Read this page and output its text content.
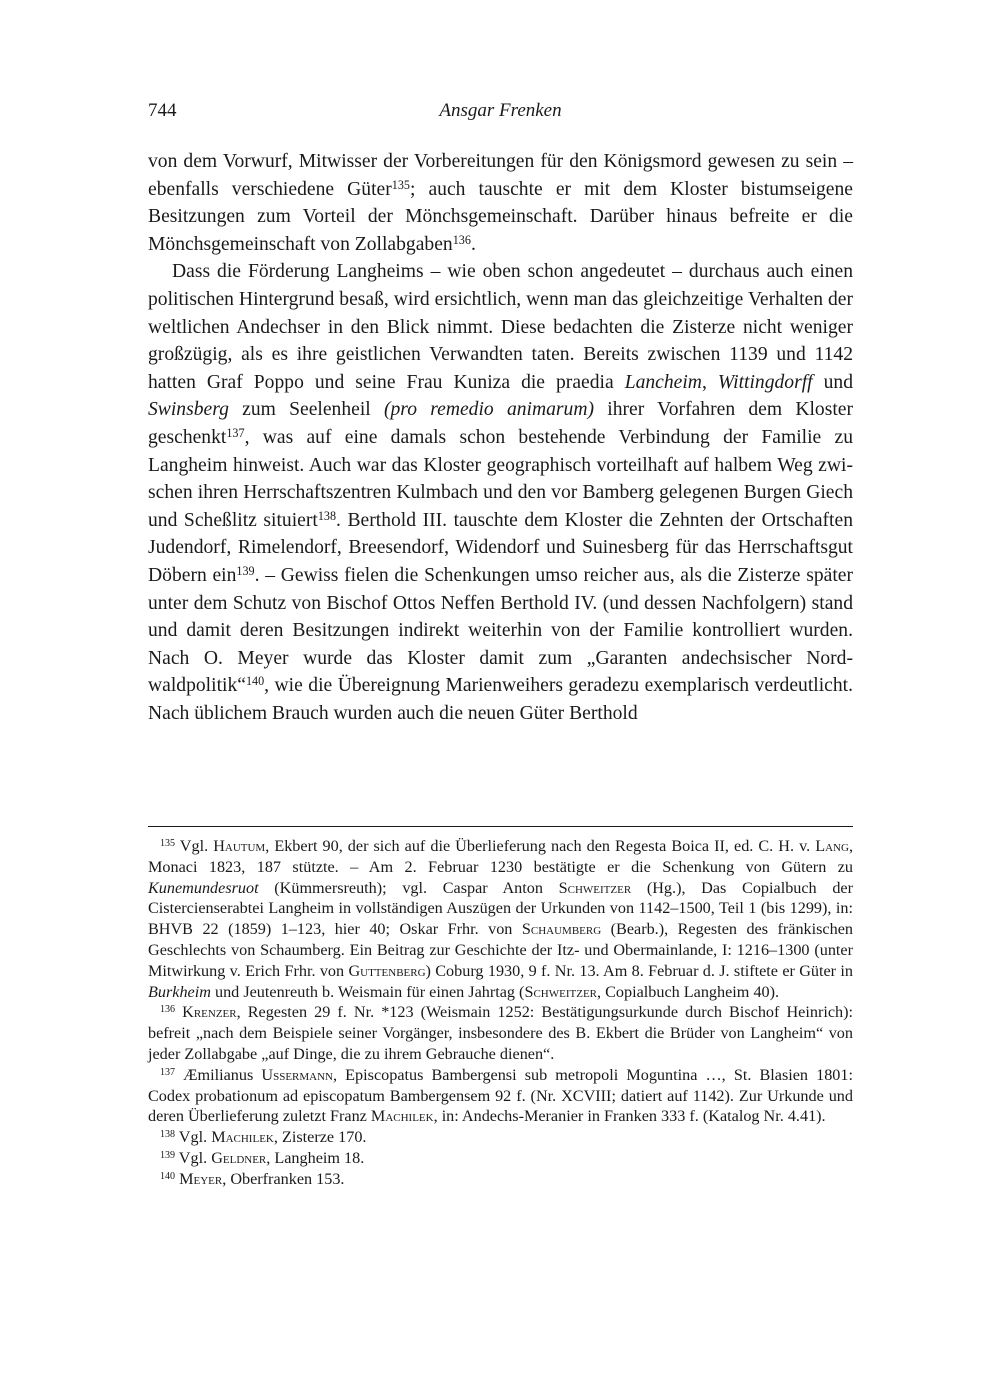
744	Ansgar Frenken

von dem Vorwurf, Mitwisser der Vorbereitungen für den Königsmord gewesen zu sein – ebenfalls verschiedene Güter$^{135}$; auch tauschte er mit dem Kloster bistumseigene Besitzungen zum Vorteil der Mönchsgemeinschaft. Darüber hinaus befreite er die Mönchsgemeinschaft von Zollabgaben$^{136}$.

Dass die Förderung Langheims – wie oben schon angedeutet – durchaus auch einen politischen Hintergrund besaß, wird ersichtlich, wenn man das gleichzeitige Verhalten der weltlichen Andechser in den Blick nimmt. Diese bedachten die Zisterze nicht weniger großzügig, als es ihre geistlichen Verwandten taten. Bereits zwischen 1139 und 1142 hatten Graf Poppo und seine Frau Kuniza die praedia Lancheim, Wittingdorff und Swinsberg zum Seelenheil (pro remedio animarum) ihrer Vorfahren dem Kloster geschenkt$^{137}$, was auf eine damals schon bestehende Verbindung der Familie zu Langheim hinweist. Auch war das Kloster geographisch vorteilhaft auf halbem Weg zwischen ihren Herrschaftszentren Kulmbach und den vor Bamberg gelegenen Burgen Giech und Scheßlitz situiert$^{138}$. Berthold III. tauschte dem Kloster die Zehnten der Ortschaften Judendorf, Rimelendorf, Breesendorf, Widendorf und Suinesberg für das Herrschaftsgut Döbern ein$^{139}$. – Gewiss fielen die Schenkungen umso reicher aus, als die Zisterze später unter dem Schutz von Bischof Ottos Neffen Berthold IV. (und dessen Nachfolgern) stand und damit deren Besitzungen indirekt weiterhin von der Familie kontrolliert wurden. Nach O. Meyer wurde das Kloster damit zum „Garanten andechsischer Nordwaldpolitik“$^{140}$, wie die Übereignung Marienweihers geradezu exemplarisch verdeutlicht. Nach üblichem Brauch wurden auch die neuen Güter Berthold

$^{135}$ Vgl. Hautum, Ekbert 90, der sich auf die Überlieferung nach den Regesta Boica II, ed. C. H. v. Lang, Monaci 1823, 187 stützte. – Am 2. Februar 1230 bestätigte er die Schenkung von Gütern zu Kunemundesruot (Kümmersreuth); vgl. Caspar Anton Schweitzer (Hg.), Das Copialbuch der Cistercienserabtei Langheim in vollständigen Auszügen der Urkunden von 1142–1500, Teil 1 (bis 1299), in: BHVB 22 (1859) 1–123, hier 40; Oskar Frhr. von Schaumberg (Bearb.), Regesten des fränkischen Geschlechts von Schaumberg. Ein Beitrag zur Geschichte der Itz- und Obermainlande, I: 1216–1300 (unter Mitwirkung v. Erich Frhr. von Guttenberg) Coburg 1930, 9 f. Nr. 13. Am 8. Februar d. J. stiftete er Güter in Burkheim und Jeutenreuth b. Weismain für einen Jahrtag (Schweitzer, Copialbuch Langheim 40).

$^{136}$ Krenzer, Regesten 29 f. Nr. *123 (Weismain 1252: Bestätigungsurkunde durch Bischof Heinrich): befreit „nach dem Beispiele seiner Vorgänger, insbesondere des B. Ekbert die Brüder von Langheim“ von jeder Zollabgabe „auf Dinge, die zu ihrem Gebrauche dienen“.

$^{137}$ Æmilianus Ussermann, Episcopatus Bambergensi sub metropoli Moguntina …, St. Blasien 1801: Codex probationum ad episcopatum Bambergensem 92 f. (Nr. XCVIII; datiert auf 1142). Zur Urkunde und deren Überlieferung zuletzt Franz Machilek, in: Andechs-Meranier in Franken 333 f. (Katalog Nr. 4.41).

$^{138}$ Vgl. Machilek, Zisterze 170.

$^{139}$ Vgl. Geldner, Langheim 18.

$^{140}$ Meyer, Oberfranken 153.
